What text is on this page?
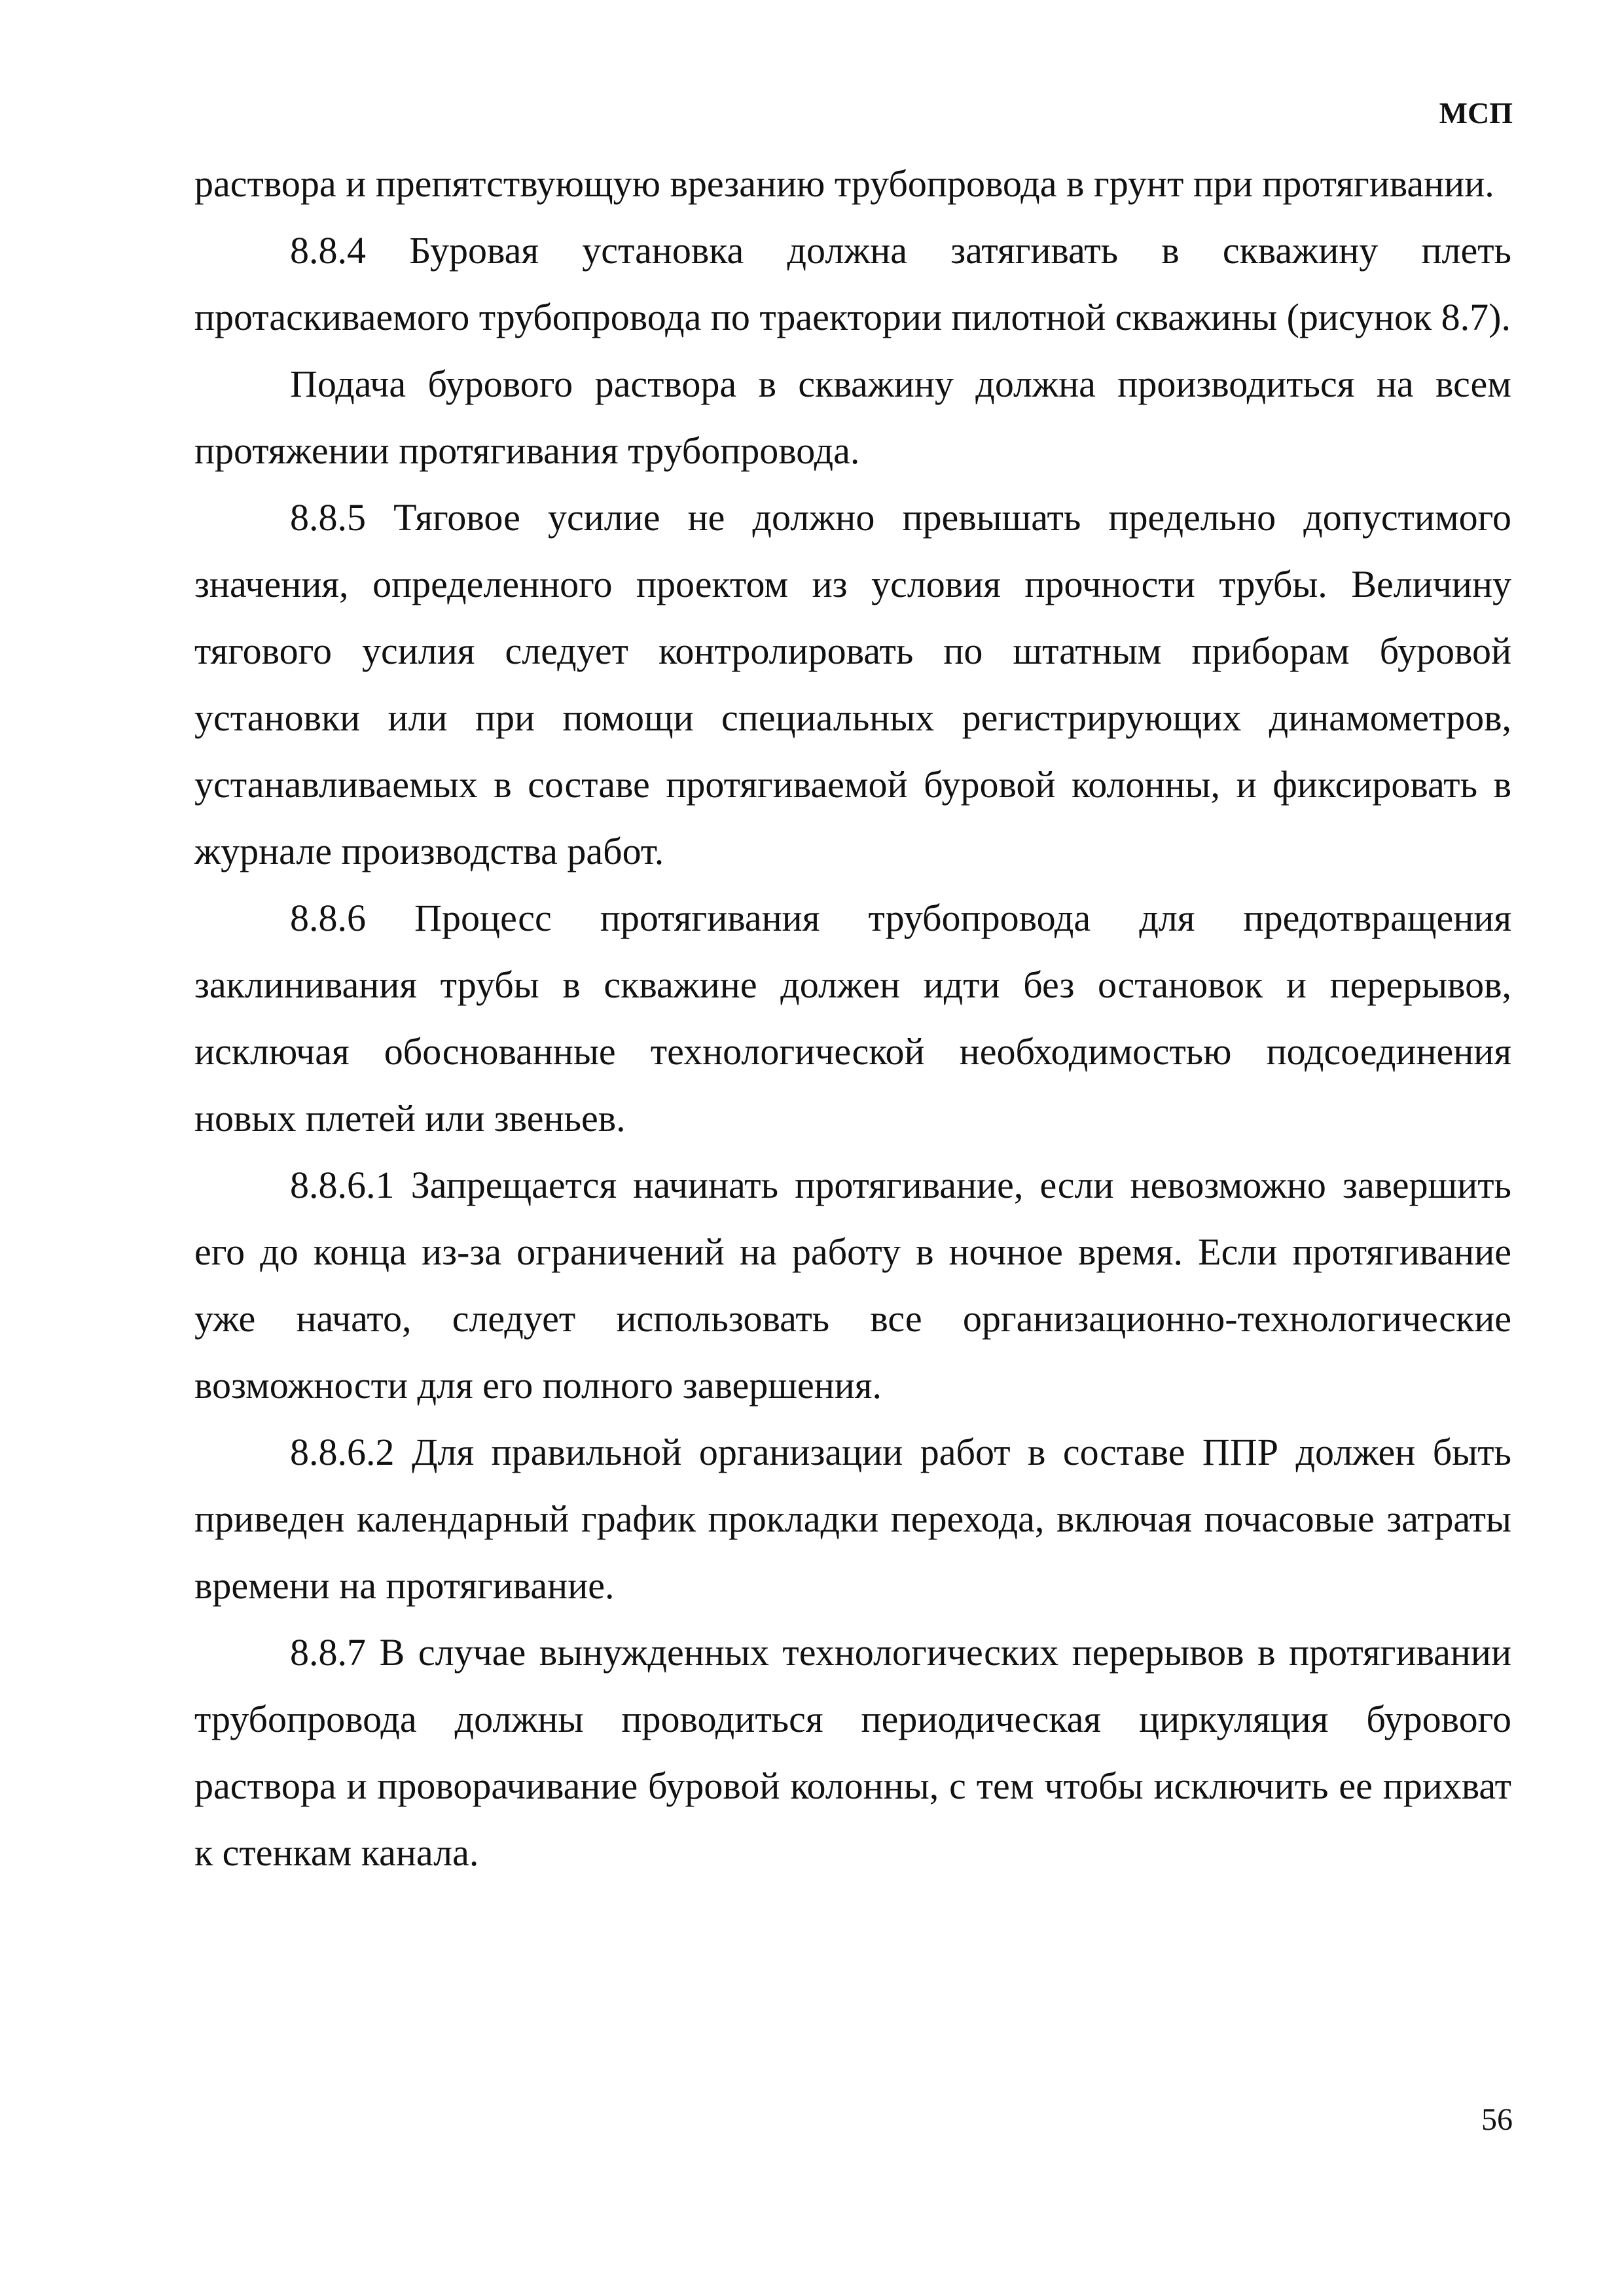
МСП

раствора и препятствующую врезанию трубопровода в грунт при протягивании.

8.8.4 Буровая установка должна затягивать в скважину плеть протаскиваемого трубопровода по траектории пилотной скважины (рисунок 8.7).

Подача бурового раствора в скважину должна производиться на всем протяжении протягивания трубопровода.

8.8.5 Тяговое усилие не должно превышать предельно допустимого значения, определенного проектом из условия прочности трубы. Величину тягового усилия следует контролировать по штатным приборам буровой установки или при помощи специальных регистрирующих динамометров, устанавливаемых в составе протягиваемой буровой колонны, и фиксировать в журнале производства работ.

8.8.6 Процесс протягивания трубопровода для предотвращения заклинивания трубы в скважине должен идти без остановок и перерывов, исключая обоснованные технологической необходимостью подсоединения новых плетей или звеньев.

8.8.6.1 Запрещается начинать протягивание, если невозможно завершить его до конца из-за ограничений на работу в ночное время. Если протягивание уже начато, следует использовать все организационно-технологические возможности для его полного завершения.

8.8.6.2 Для правильной организации работ в составе ППР должен быть приведен календарный график прокладки перехода, включая почасовые затраты времени на протягивание.

8.8.7 В случае вынужденных технологических перерывов в протягивании трубопровода должны проводиться периодическая циркуляция бурового раствора и проворачивание буровой колонны, с тем чтобы исключить ее прихват к стенкам канала.

56
